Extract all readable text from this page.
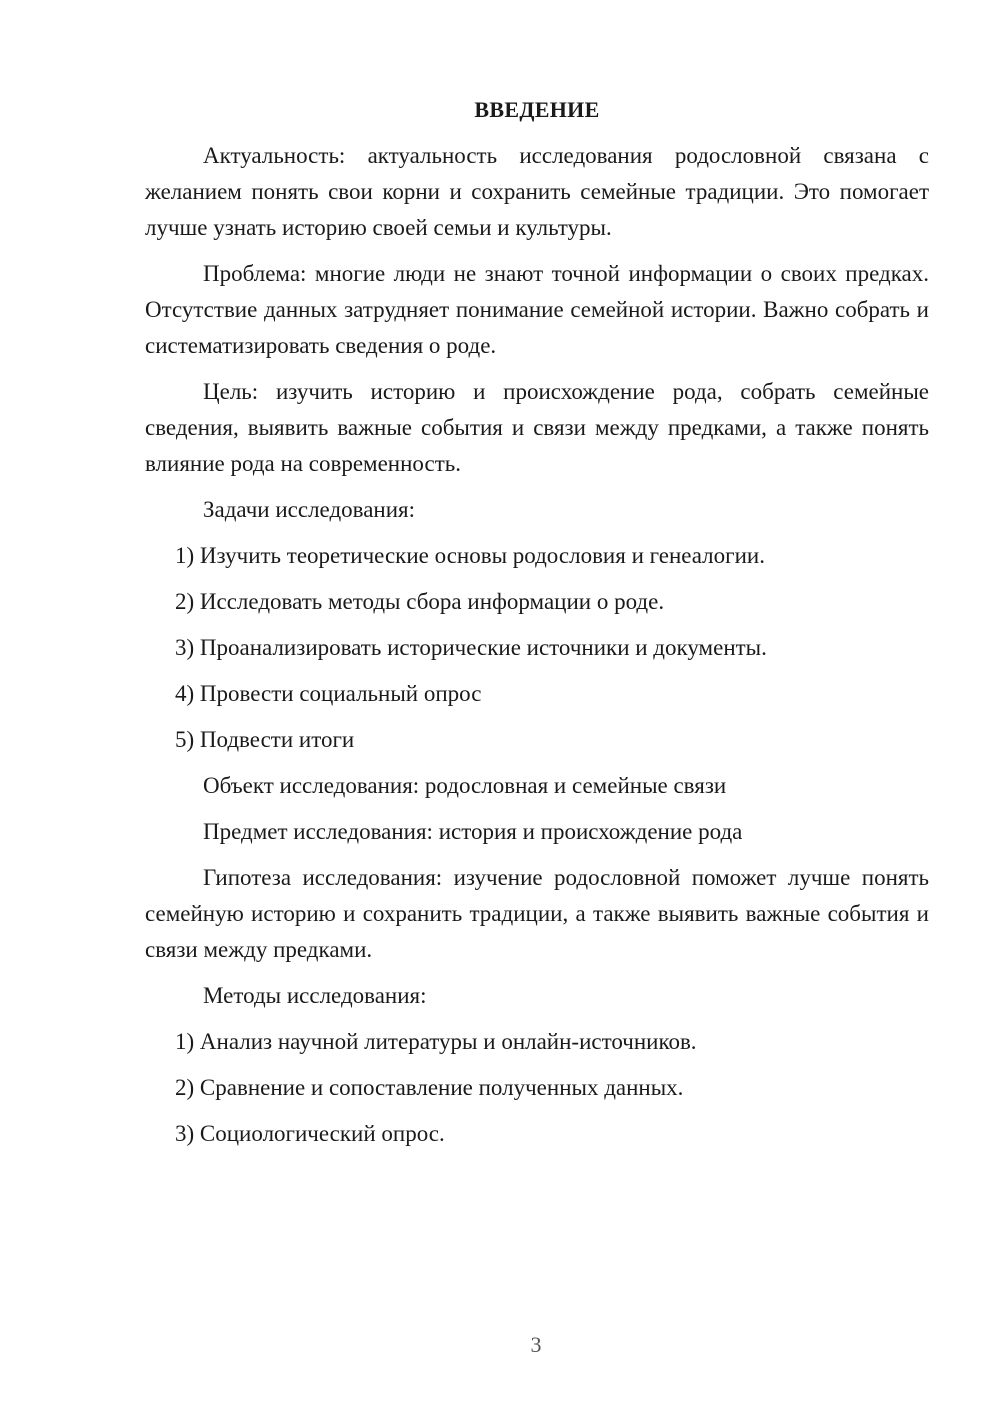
ВВЕДЕНИЕ

Актуальность: актуальность исследования родословной связана с желанием понять свои корни и сохранить семейные традиции. Это помогает лучше узнать историю своей семьи и культуры.

Проблема: многие люди не знают точной информации о своих предках. Отсутствие данных затрудняет понимание семейной истории. Важно собрать и систематизировать сведения о роде.

Цель: изучить историю и происхождение рода, собрать семейные сведения, выявить важные события и связи между предками, а также понять влияние рода на современность.

Задачи исследования:

1) Изучить теоретические основы родословия и генеалогии.

2) Исследовать методы сбора информации о роде.

3) Проанализировать исторические источники и документы.

4) Провести социальный опрос

5) Подвести итоги

Объект исследования: родословная и семейные связи

Предмет исследования: история и происхождение рода

Гипотеза исследования: изучение родословной поможет лучше понять семейную историю и сохранить традиции, а также выявить важные события и связи между предками.

Методы исследования:

1) Анализ научной литературы и онлайн-источников.

2) Сравнение и сопоставление полученных данных.

3) Социологический опрос.

3
